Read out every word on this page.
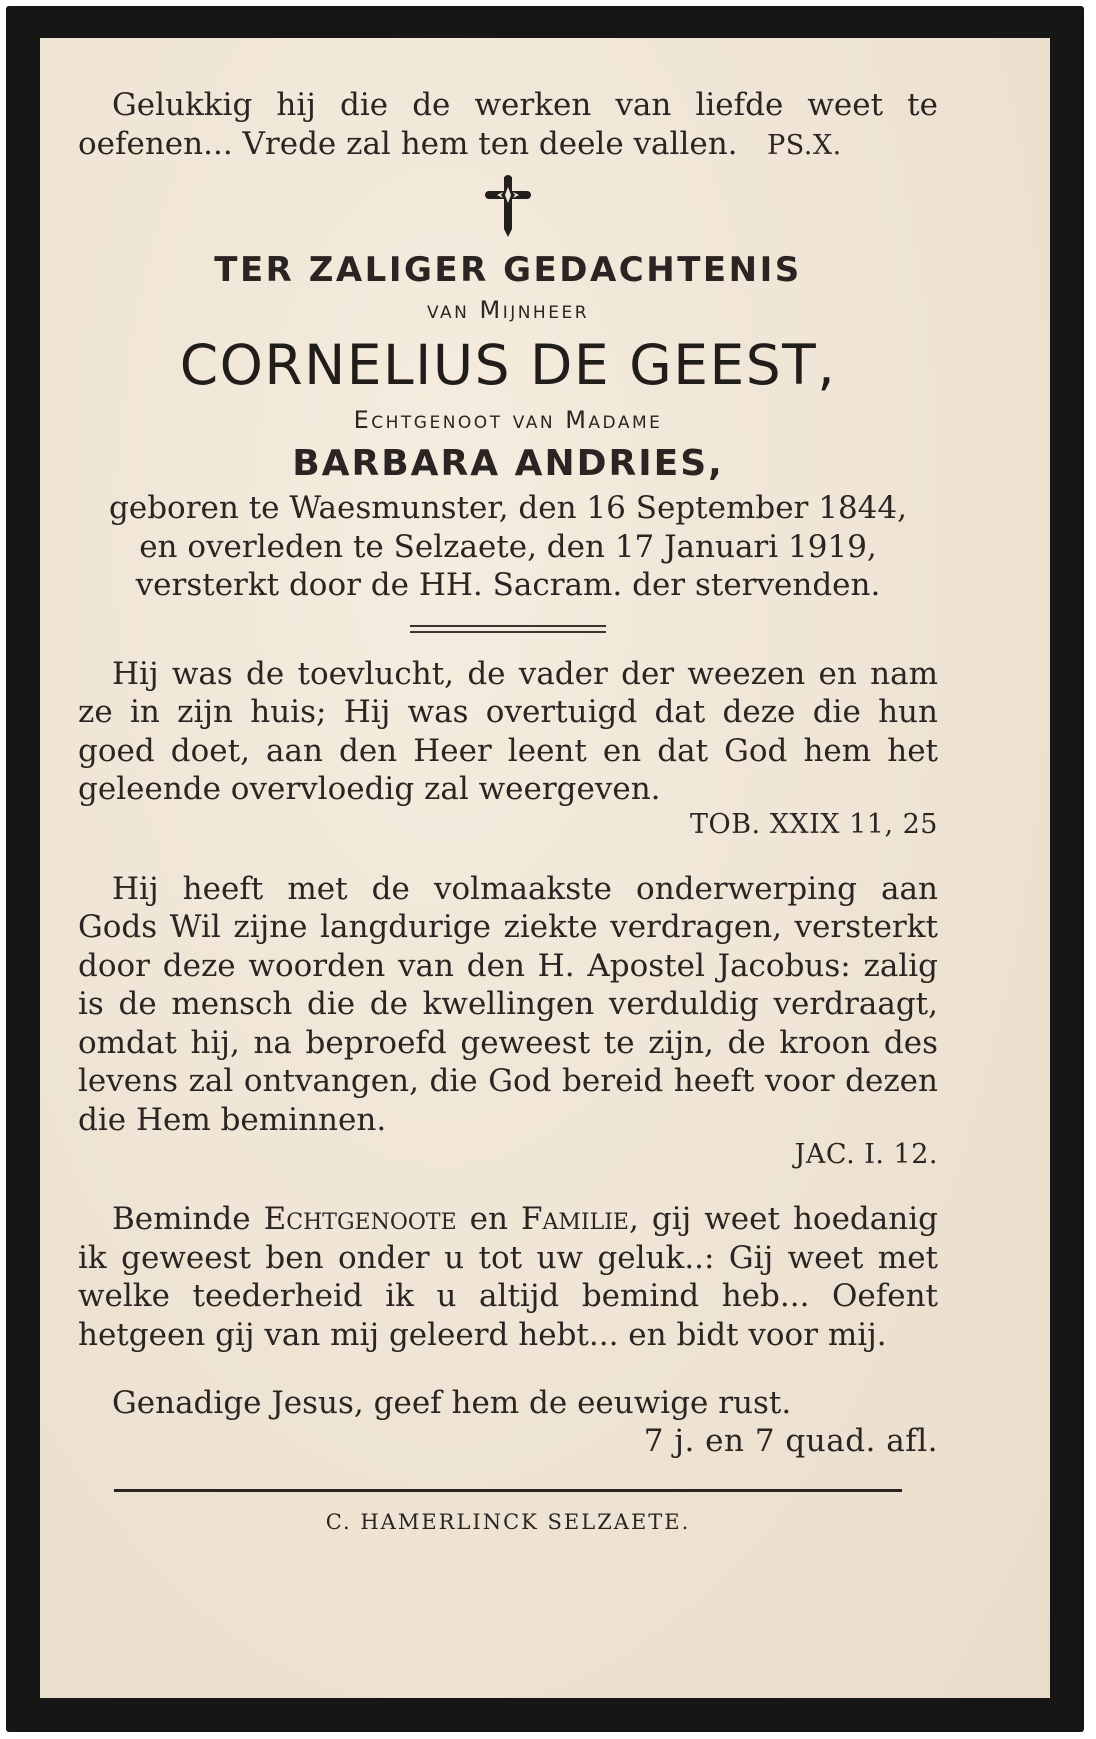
Gelukkig hij die de werken van liefde weet te oefenen... Vrede zal hem ten deele vallen. PS.X.

TER ZALIGER GEDACHTENIS

van Mijnheer

CORNELIUS DE GEEST,

Echtgenoot van Madame

BARBARA ANDRIES,

geboren te Waesmunster, den 16 September 1844,

en overleden te Selzaete, den 17 Januari 1919,

versterkt door de HH. Sacram. der stervenden.

Hij was de toevlucht, de vader der weezen en nam ze in zijn huis; Hij was overtuigd dat deze die hun goed doet, aan den Heer leent en dat God hem het geleende overvloedig zal weergeven.

TOB. XXIX 11, 25

Hij heeft met de volmaakste onderwerping aan Gods Wil zijne langdurige ziekte verdragen, versterkt door deze woorden van den H. Apostel Jacobus: zalig is de mensch die de kwellingen verduldig verdraagt, omdat hij, na beproefd geweest te zijn, de kroon des levens zal ontvangen, die God bereid heeft voor dezen die Hem beminnen.

JAC. I. 12.

Beminde Echtgenoote en Familie, gij weet hoedanig ik geweest ben onder u tot uw geluk..: Gij weet met welke teederheid ik u altijd bemind heb... Oefent hetgeen gij van mij geleerd hebt... en bidt voor mij.

Genadige Jesus, geef hem de eeuwige rust.

7 j. en 7 quad. afl.

C. HAMERLINCK SELZAETE.
